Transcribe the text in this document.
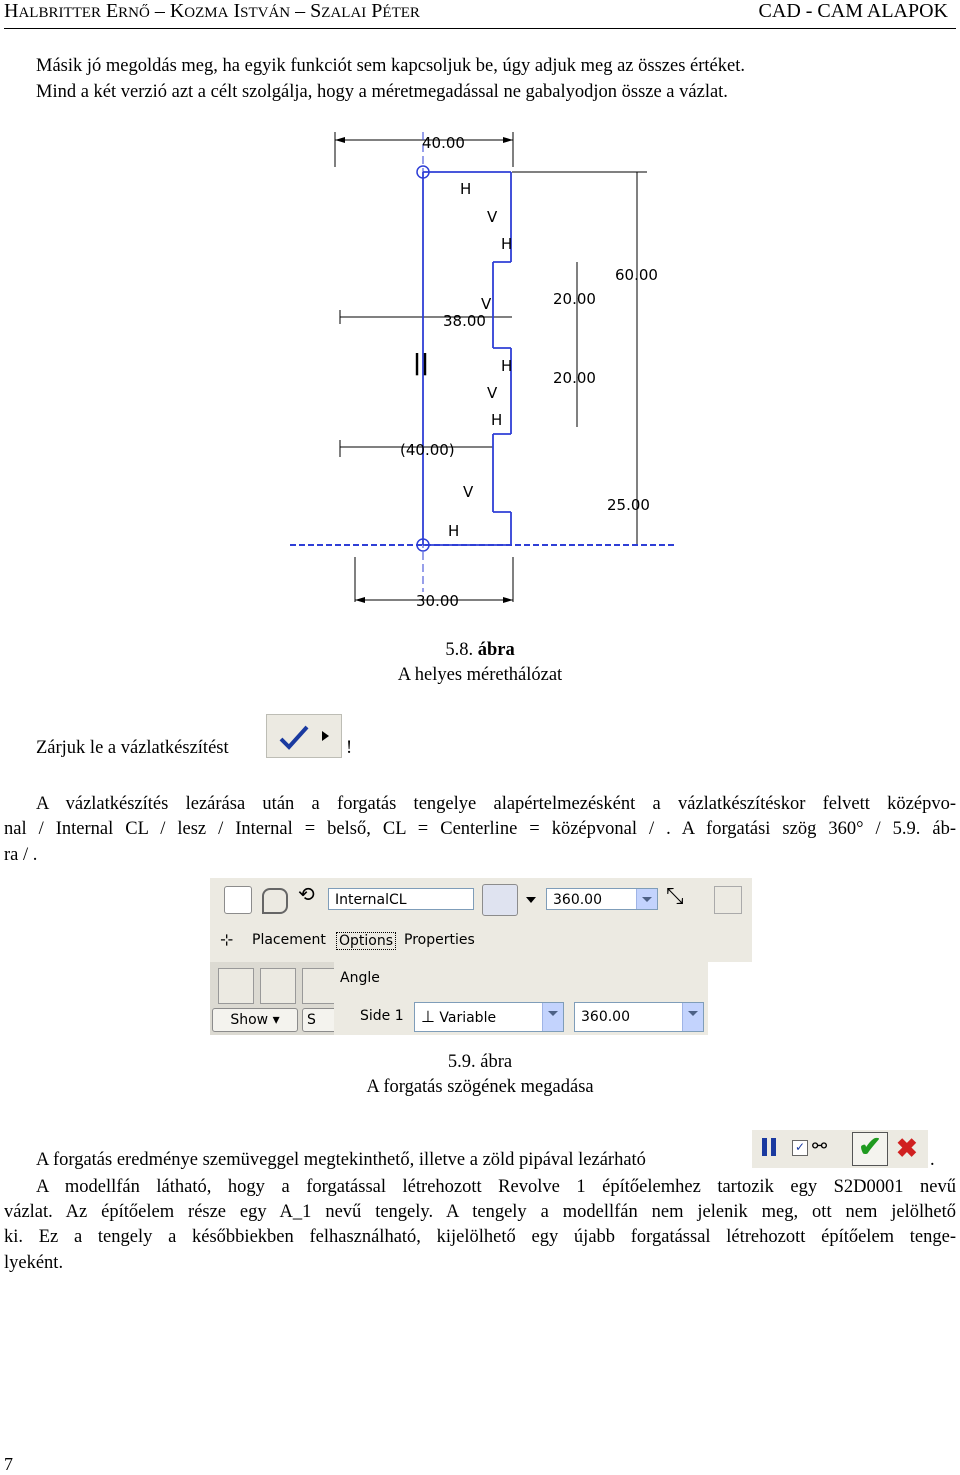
HALBRITTER ERNŐ – KOZMA ISTVÁN – SZALAI PÉTER	CAD - CAM ALAPOK
Másik jó megoldás meg, ha egyik funkciót sem kapcsoljuk be, úgy adjuk meg az összes értéket.
Mind a két verzió azt a célt szolgálja, hogy a méretmegadással ne gabalyodjon össze a vázlat.
40.00
38.00
(40.00)
30.00
60.00
20.00
20.00
25.00
H
V
H
V
H
V
H
V
H
||
5.8. ábra
A helyes mérethálózat
Zárjuk le a vázlatkészítést	!
A vázlatkészítés lezárása után a forgatás tengelye alapértelmezésként a vázlatkészítéskor felvett középvo-
nal / Internal CL / lesz / Internal = belső, CL = Centerline = középvonal / . A forgatási szög 360° / 5.9. áb-
ra / .
⟲	InternalCL	360.00	⤡
⊹ Placement Options Properties
Show ▾	S
Angle
Side 1	⊥ Variable	360.00
5.9. ábra
A forgatás szögének megadása
A forgatás eredménye szemüveggel megtekinthető, illetve a zöld pipával lezárható
✓ ⚯ ✔ ✖ .
A modellfán látható, hogy a forgatással létrehozott Revolve 1 építőelemhez tartozik egy S2D0001 nevű
vázlat. Az építőelem része egy A_1 nevű tengely. A tengely a modellfán nem jelenik meg, ott nem jelölhető
ki. Ez a tengely a későbbiekben felhasználható, kijelölhető egy újabb forgatással létrehozott építőelem tenge-
lyeként.
7
